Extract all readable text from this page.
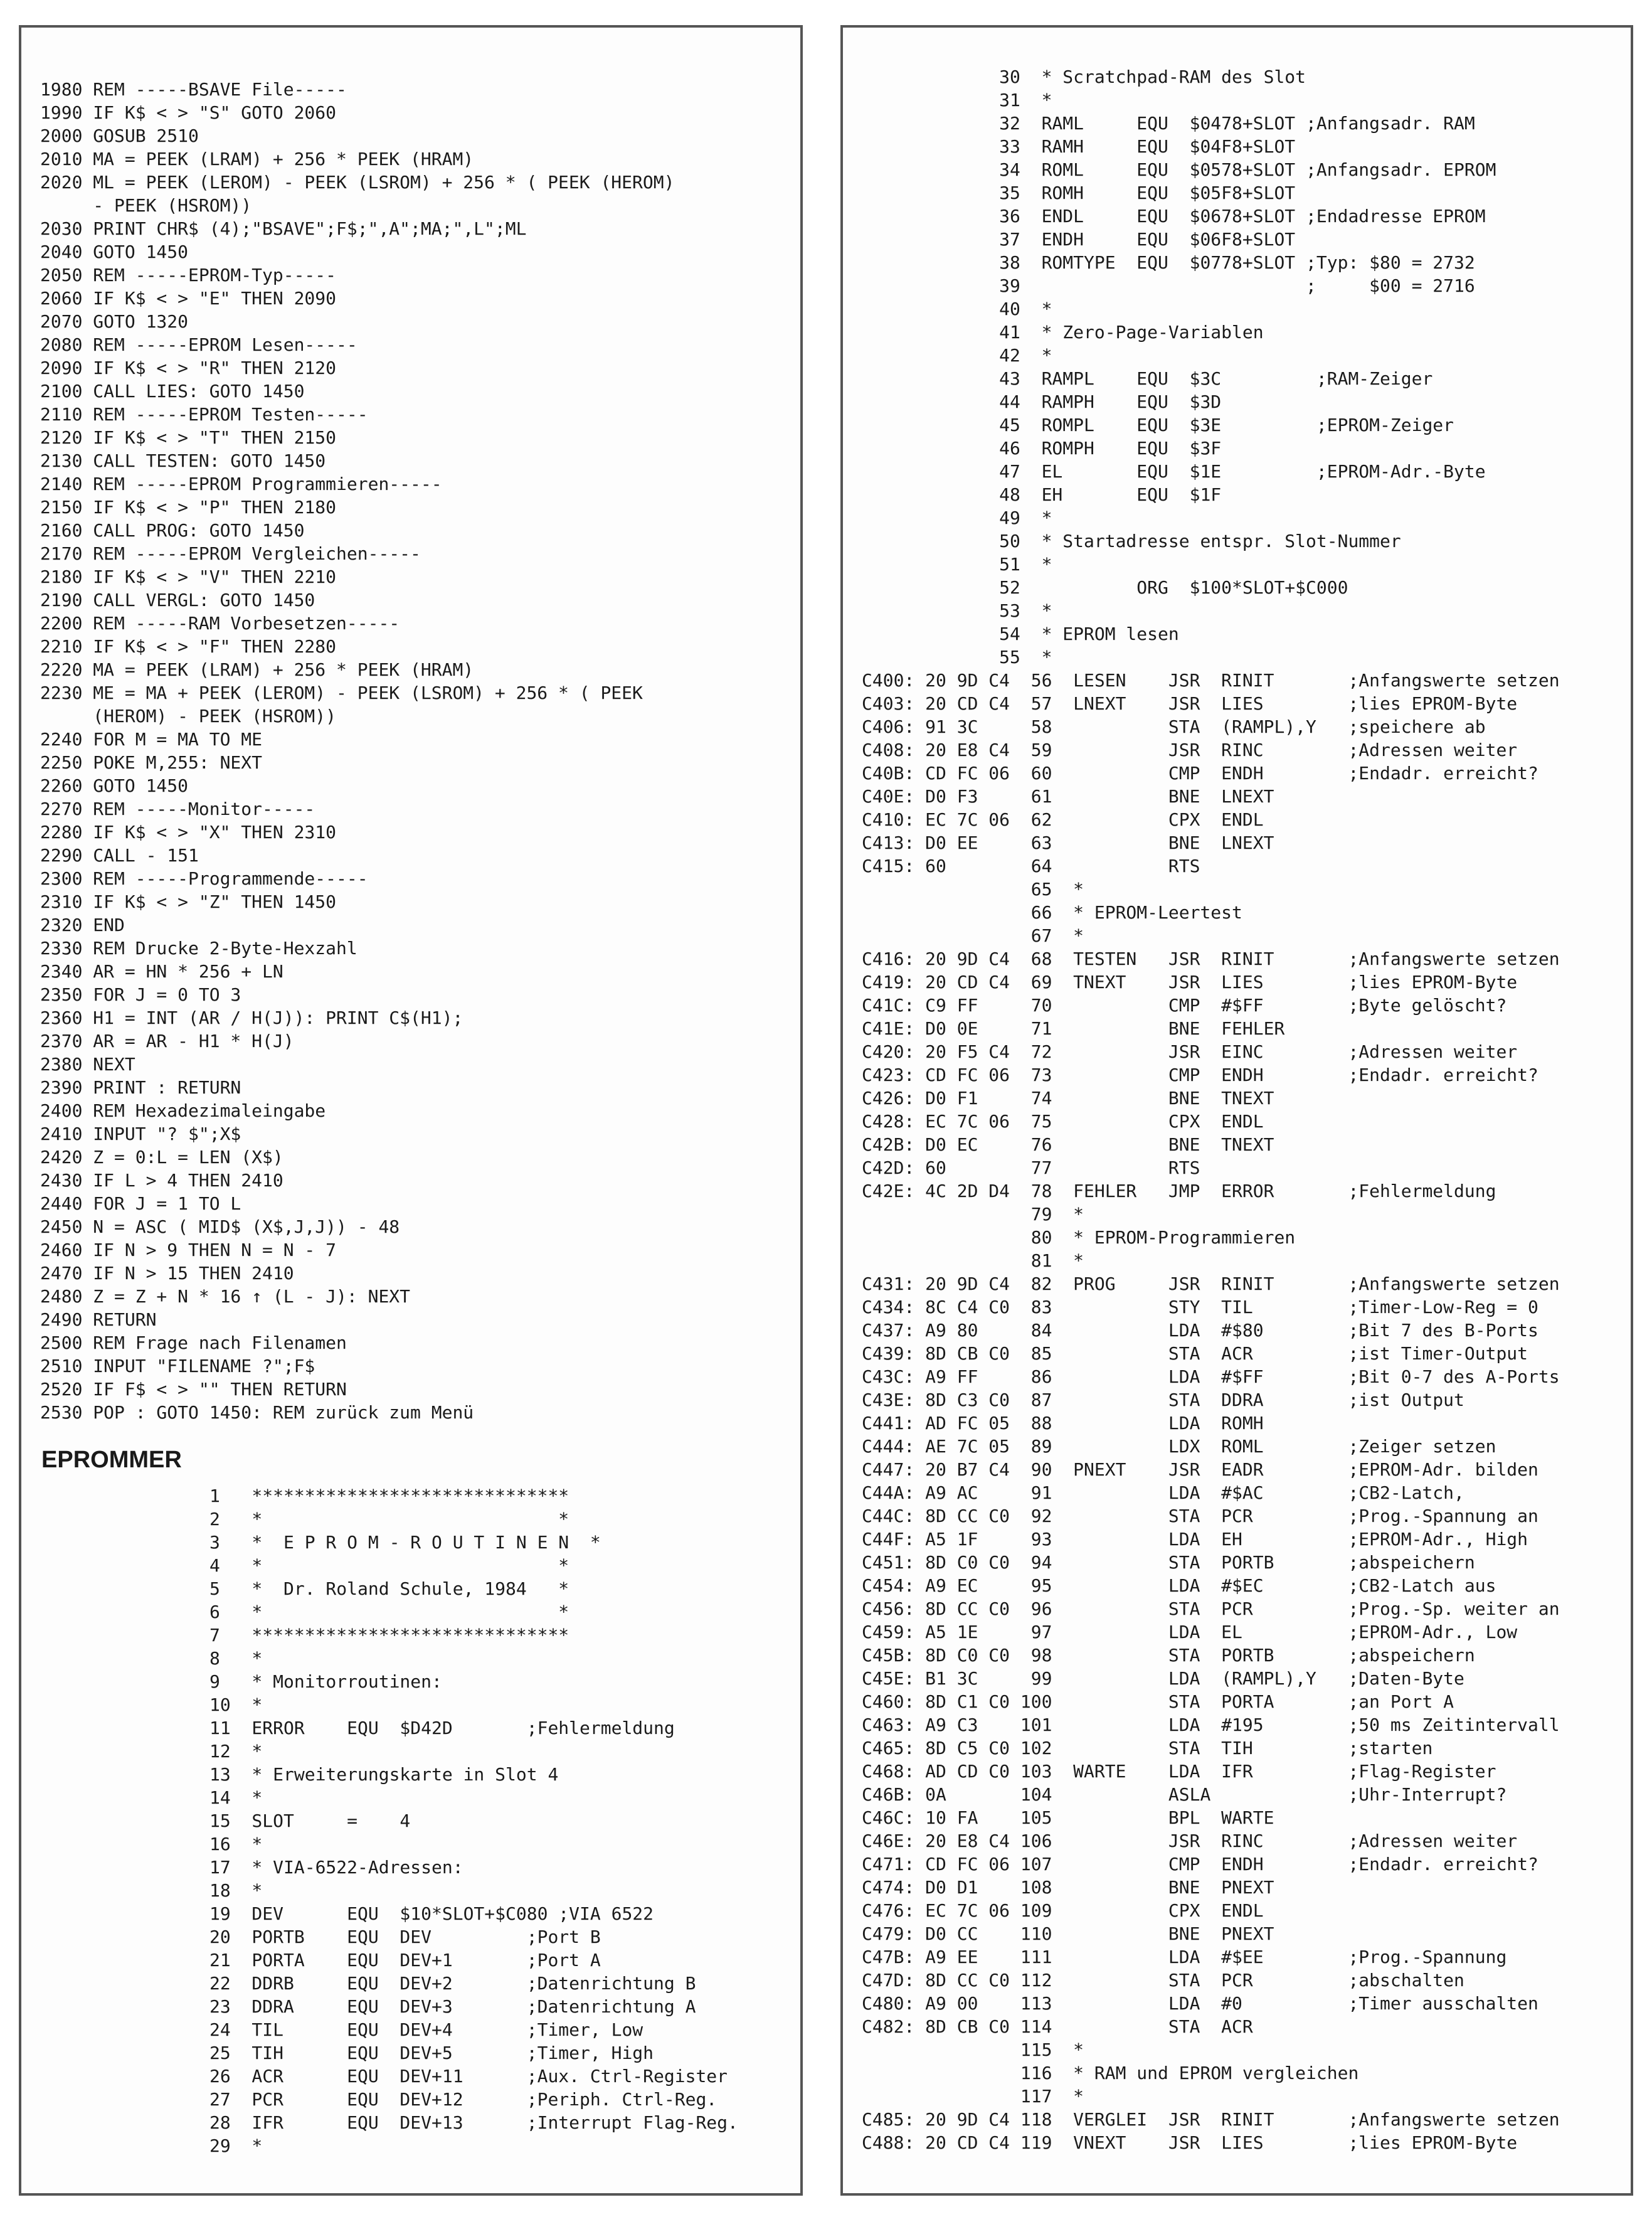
1980 REM -----BSAVE File-----
1990 IF K$ < > "S" GOTO 2060
2000 GOSUB 2510
2010 MA = PEEK (LRAM) + 256 * PEEK (HRAM)
2020 ML = PEEK (LEROM) - PEEK (LSROM) + 256 * ( PEEK (HEROM)
- PEEK (HSROM))
2030 PRINT CHR$ (4);"BSAVE";F$;",A";MA;",L";ML
2040 GOTO 1450
2050 REM -----EPROM-Typ-----
2060 IF K$ < > "E" THEN 2090
2070 GOTO 1320
2080 REM -----EPROM Lesen-----
2090 IF K$ < > "R" THEN 2120
2100 CALL LIES: GOTO 1450
2110 REM -----EPROM Testen-----
2120 IF K$ < > "T" THEN 2150
2130 CALL TESTEN: GOTO 1450
2140 REM -----EPROM Programmieren-----
2150 IF K$ < > "P" THEN 2180
2160 CALL PROG: GOTO 1450
2170 REM -----EPROM Vergleichen-----
2180 IF K$ < > "V" THEN 2210
2190 CALL VERGL: GOTO 1450
2200 REM -----RAM Vorbesetzen-----
2210 IF K$ < > "F" THEN 2280
2220 MA = PEEK (LRAM) + 256 * PEEK (HRAM)
2230 ME = MA + PEEK (LEROM) - PEEK (LSROM) + 256 * ( PEEK
(HEROM) - PEEK (HSROM))
2240 FOR M = MA TO ME
2250 POKE M,255: NEXT
2260 GOTO 1450
2270 REM -----Monitor-----
2280 IF K$ < > "X" THEN 2310
2290 CALL - 151
2300 REM -----Programmende-----
2310 IF K$ < > "Z" THEN 1450
2320 END
2330 REM Drucke 2-Byte-Hexzahl
2340 AR = HN * 256 + LN
2350 FOR J = 0 TO 3
2360 H1 = INT (AR / H(J)): PRINT C$(H1);
2370 AR = AR - H1 * H(J)
2380 NEXT
2390 PRINT : RETURN
2400 REM Hexadezimaleingabe
2410 INPUT "? $";X$
2420 Z = 0:L = LEN (X$)
2430 IF L > 4 THEN 2410
2440 FOR J = 1 TO L
2450 N = ASC ( MID$ (X$,J,J)) - 48
2460 IF N > 9 THEN N = N - 7
2470 IF N > 15 THEN 2410
2480 Z = Z + N * 16 ↑ (L - J): NEXT
2490 RETURN
2500 REM Frage nach Filenamen
2510 INPUT "FILENAME ?";F$
2520 IF F$ < > "" THEN RETURN
2530 POP : GOTO 1450: REM zurück zum Menü
EPROMMER
1   ******************************
2   *                            *
3   *  E P R O M - R O U T I N E N  *
4   *                            *
5   *  Dr. Roland Schule, 1984   *
6   *                            *
7   ******************************
8   *
9   * Monitorroutinen:
10  *
11  ERROR    EQU  $D42D       ;Fehlermeldung
12  *
13  * Erweiterungskarte in Slot 4
14  *
15  SLOT     =    4
16  *
17  * VIA-6522-Adressen:
18  *
19  DEV      EQU  $10*SLOT+$C080 ;VIA 6522
20  PORTB    EQU  DEV         ;Port B
21  PORTA    EQU  DEV+1       ;Port A
22  DDRB     EQU  DEV+2       ;Datenrichtung B
23  DDRA     EQU  DEV+3       ;Datenrichtung A
24  TIL      EQU  DEV+4       ;Timer, Low
25  TIH      EQU  DEV+5       ;Timer, High
26  ACR      EQU  DEV+11      ;Aux. Ctrl-Register
27  PCR      EQU  DEV+12      ;Periph. Ctrl-Reg.
28  IFR      EQU  DEV+13      ;Interrupt Flag-Reg.
29  *
30  * Scratchpad-RAM des Slot
31  *
32  RAML     EQU  $0478+SLOT ;Anfangsadr. RAM
33  RAMH     EQU  $04F8+SLOT
34  ROML     EQU  $0578+SLOT ;Anfangsadr. EPROM
35  ROMH     EQU  $05F8+SLOT
36  ENDL     EQU  $0678+SLOT ;Endadresse EPROM
37  ENDH     EQU  $06F8+SLOT
38  ROMTYPE  EQU  $0778+SLOT ;Typ: $80 = 2732
39                           ;     $00 = 2716
40  *
41  * Zero-Page-Variablen
42  *
43  RAMPL    EQU  $3C         ;RAM-Zeiger
44  RAMPH    EQU  $3D
45  ROMPL    EQU  $3E         ;EPROM-Zeiger
46  ROMPH    EQU  $3F
47  EL       EQU  $1E         ;EPROM-Adr.-Byte
48  EH       EQU  $1F
49  *
50  * Startadresse entspr. Slot-Nummer
51  *
52           ORG  $100*SLOT+$C000
53  *
54  * EPROM lesen
55  *
C400: 20 9D C4  56  LESEN    JSR  RINIT       ;Anfangswerte setzen
C403: 20 CD C4  57  LNEXT    JSR  LIES        ;lies EPROM-Byte
C406: 91 3C     58           STA  (RAMPL),Y   ;speichere ab
C408: 20 E8 C4  59           JSR  RINC        ;Adressen weiter
C40B: CD FC 06  60           CMP  ENDH        ;Endadr. erreicht?
C40E: D0 F3     61           BNE  LNEXT
C410: EC 7C 06  62           CPX  ENDL
C413: D0 EE     63           BNE  LNEXT
C415: 60        64           RTS
65  *
66  * EPROM-Leertest
67  *
C416: 20 9D C4  68  TESTEN   JSR  RINIT       ;Anfangswerte setzen
C419: 20 CD C4  69  TNEXT    JSR  LIES        ;lies EPROM-Byte
C41C: C9 FF     70           CMP  #$FF        ;Byte gelöscht?
C41E: D0 0E     71           BNE  FEHLER
C420: 20 F5 C4  72           JSR  EINC        ;Adressen weiter
C423: CD FC 06  73           CMP  ENDH        ;Endadr. erreicht?
C426: D0 F1     74           BNE  TNEXT
C428: EC 7C 06  75           CPX  ENDL
C42B: D0 EC     76           BNE  TNEXT
C42D: 60        77           RTS
C42E: 4C 2D D4  78  FEHLER   JMP  ERROR       ;Fehlermeldung
79  *
80  * EPROM-Programmieren
81  *
C431: 20 9D C4  82  PROG     JSR  RINIT       ;Anfangswerte setzen
C434: 8C C4 C0  83           STY  TIL         ;Timer-Low-Reg = 0
C437: A9 80     84           LDA  #$80        ;Bit 7 des B-Ports
C439: 8D CB C0  85           STA  ACR         ;ist Timer-Output
C43C: A9 FF     86           LDA  #$FF        ;Bit 0-7 des A-Ports
C43E: 8D C3 C0  87           STA  DDRA        ;ist Output
C441: AD FC 05  88           LDA  ROMH
C444: AE 7C 05  89           LDX  ROML        ;Zeiger setzen
C447: 20 B7 C4  90  PNEXT    JSR  EADR        ;EPROM-Adr. bilden
C44A: A9 AC     91           LDA  #$AC        ;CB2-Latch,
C44C: 8D CC C0  92           STA  PCR         ;Prog.-Spannung an
C44F: A5 1F     93           LDA  EH          ;EPROM-Adr., High
C451: 8D C0 C0  94           STA  PORTB       ;abspeichern
C454: A9 EC     95           LDA  #$EC        ;CB2-Latch aus
C456: 8D CC C0  96           STA  PCR         ;Prog.-Sp. weiter an
C459: A5 1E     97           LDA  EL          ;EPROM-Adr., Low
C45B: 8D C0 C0  98           STA  PORTB       ;abspeichern
C45E: B1 3C     99           LDA  (RAMPL),Y   ;Daten-Byte
C460: 8D C1 C0 100           STA  PORTA       ;an Port A
C463: A9 C3    101           LDA  #195        ;50 ms Zeitintervall
C465: 8D C5 C0 102           STA  TIH         ;starten
C468: AD CD C0 103  WARTE    LDA  IFR         ;Flag-Register
C46B: 0A       104           ASLA             ;Uhr-Interrupt?
C46C: 10 FA    105           BPL  WARTE
C46E: 20 E8 C4 106           JSR  RINC        ;Adressen weiter
C471: CD FC 06 107           CMP  ENDH        ;Endadr. erreicht?
C474: D0 D1    108           BNE  PNEXT
C476: EC 7C 06 109           CPX  ENDL
C479: D0 CC    110           BNE  PNEXT
C47B: A9 EE    111           LDA  #$EE        ;Prog.-Spannung
C47D: 8D CC C0 112           STA  PCR         ;abschalten
C480: A9 00    113           LDA  #0          ;Timer ausschalten
C482: 8D CB C0 114           STA  ACR
115  *
116  * RAM und EPROM vergleichen
117  *
C485: 20 9D C4 118  VERGLEI  JSR  RINIT       ;Anfangswerte setzen
C488: 20 CD C4 119  VNEXT    JSR  LIES        ;lies EPROM-Byte
